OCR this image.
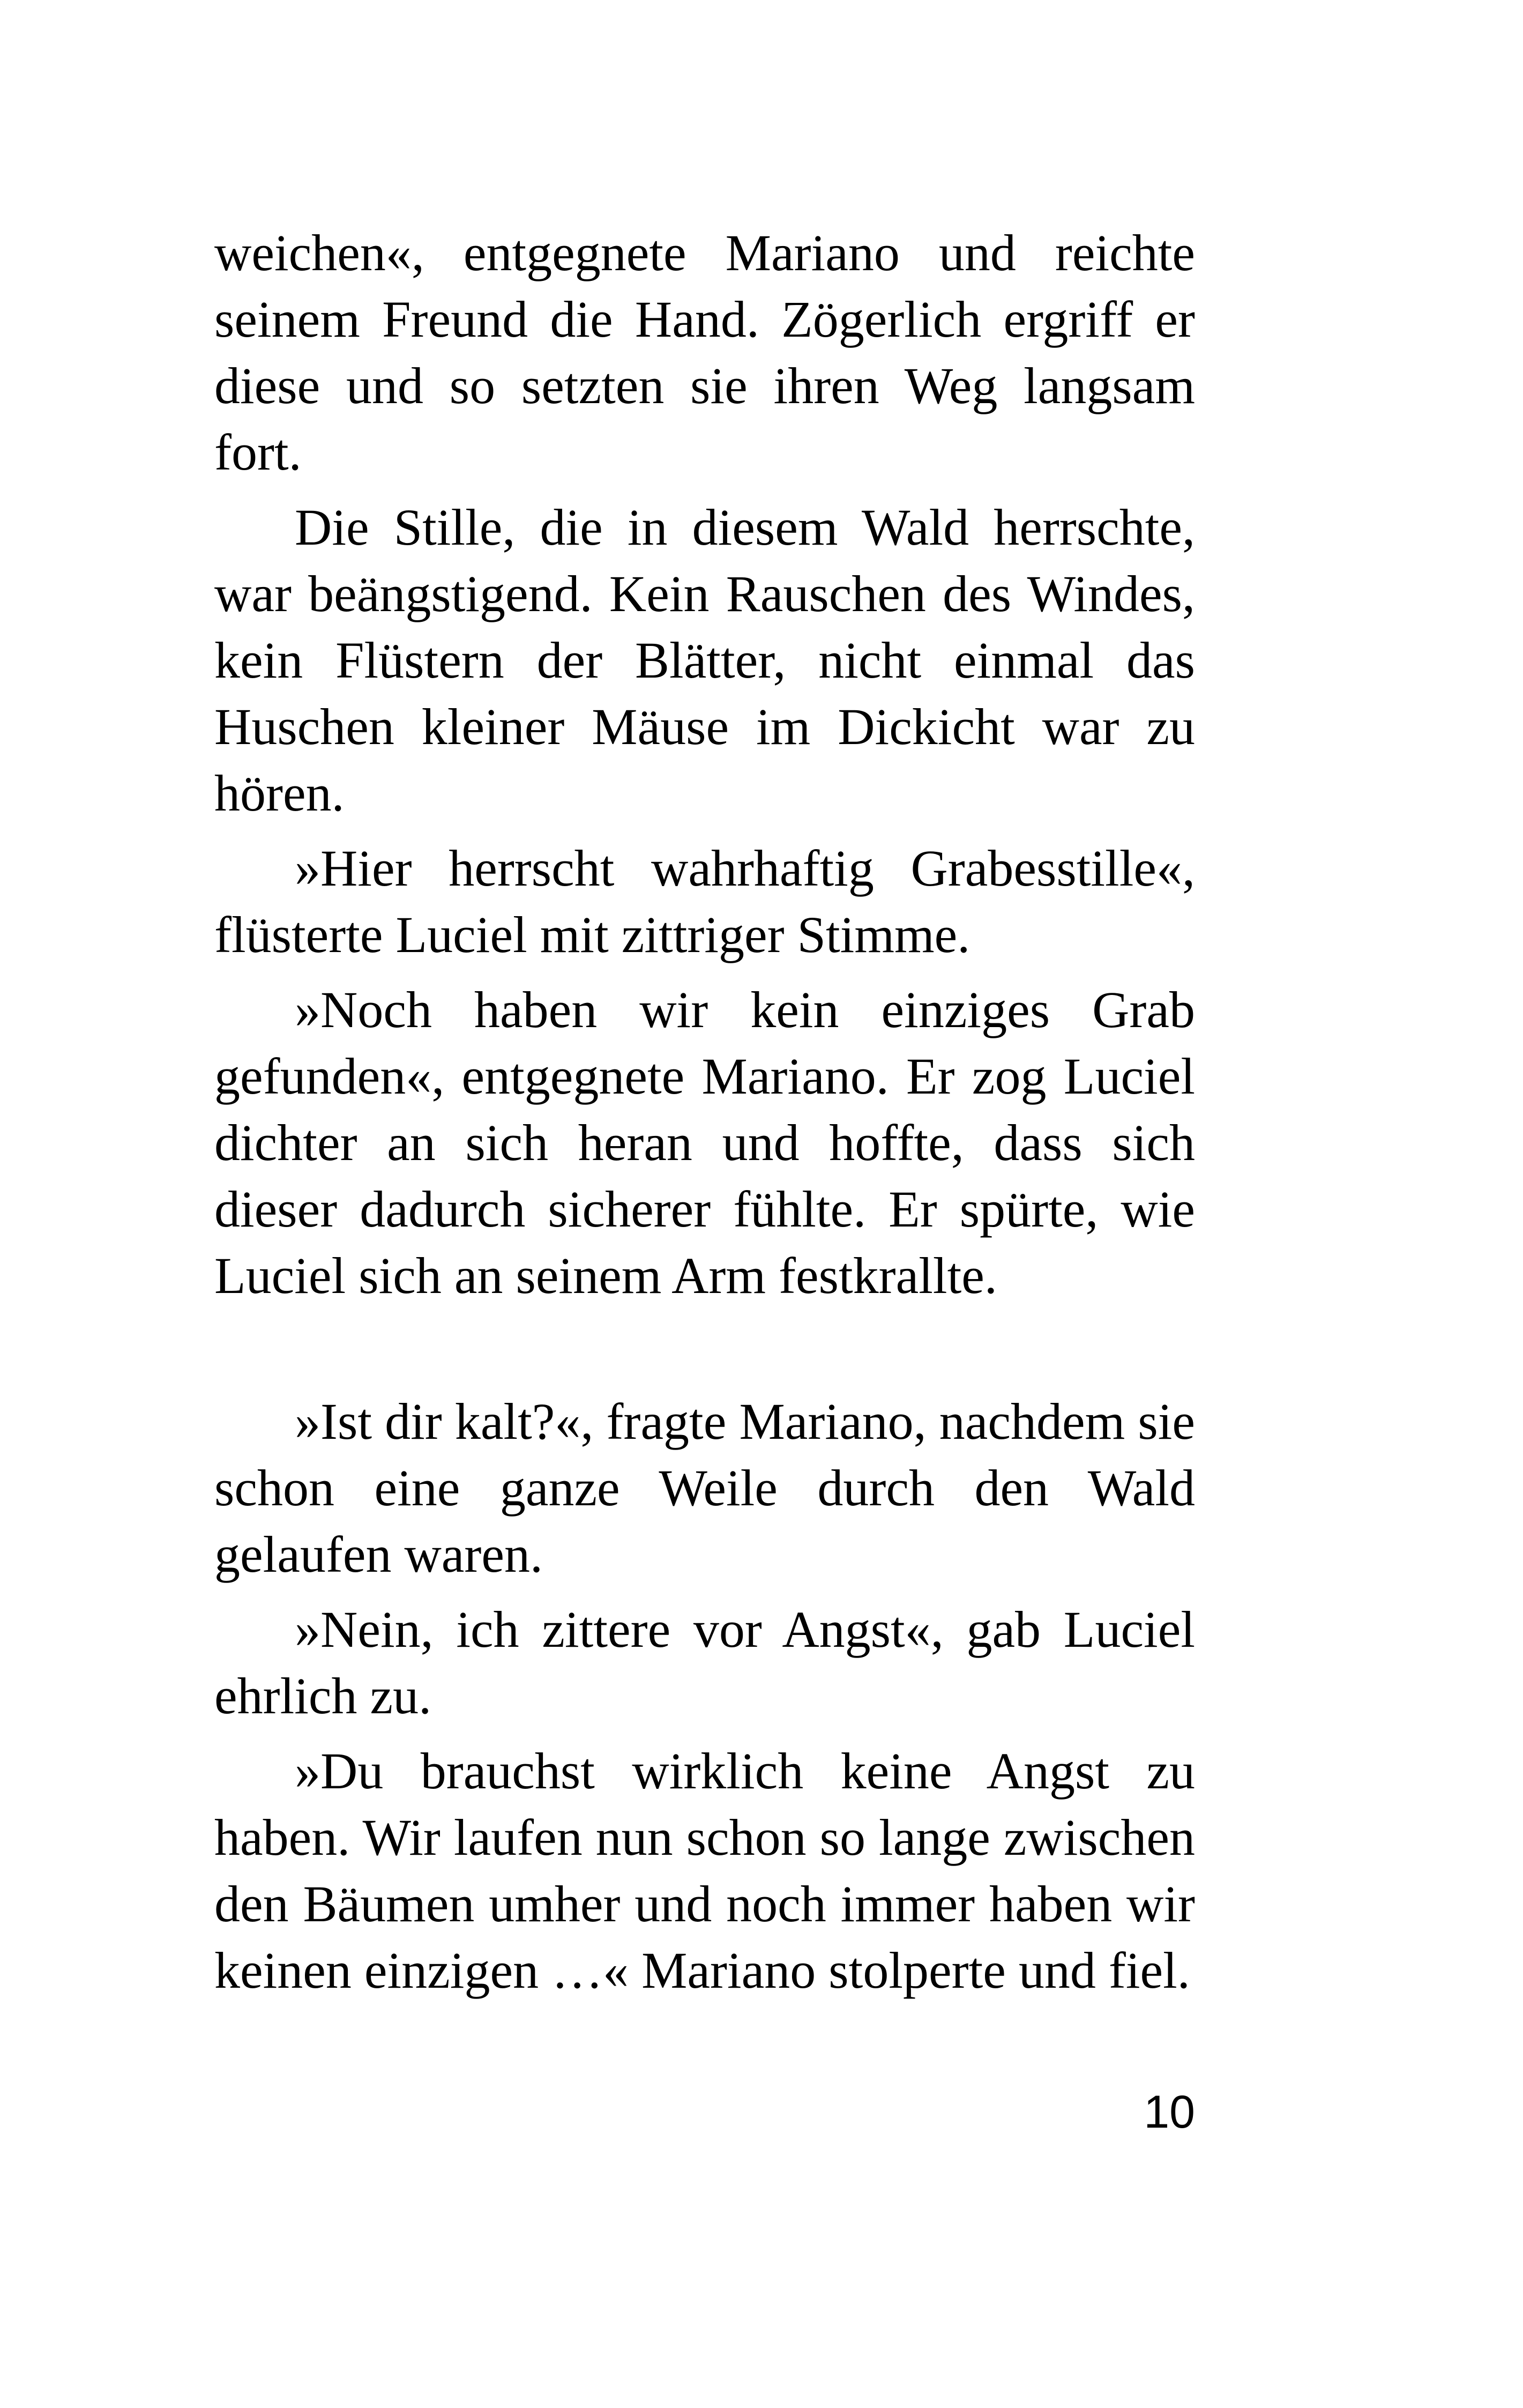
weichen«, entgegnete Mariano und reichte seinem Freund die Hand. Zögerlich ergriff er diese und so setzten sie ihren Weg langsam fort.

Die Stille, die in diesem Wald herrschte, war beängstigend. Kein Rauschen des Windes, kein Flüstern der Blätter, nicht einmal das Huschen kleiner Mäuse im Dickicht war zu hören.

»Hier herrscht wahrhaftig Grabesstille«, flüsterte Luciel mit zittriger Stimme.

»Noch haben wir kein einziges Grab gefunden«, entgegnete Mariano. Er zog Luciel dichter an sich heran und hoffte, dass sich dieser dadurch sicherer fühlte. Er spürte, wie Luciel sich an seinem Arm festkrallte.

»Ist dir kalt?«, fragte Mariano, nachdem sie schon eine ganze Weile durch den Wald gelaufen waren.

»Nein, ich zittere vor Angst«, gab Luciel ehrlich zu.

»Du brauchst wirklich keine Angst zu haben. Wir laufen nun schon so lange zwischen den Bäumen umher und noch immer haben wir keinen einzigen …« Mariano stolperte und fiel.

10
